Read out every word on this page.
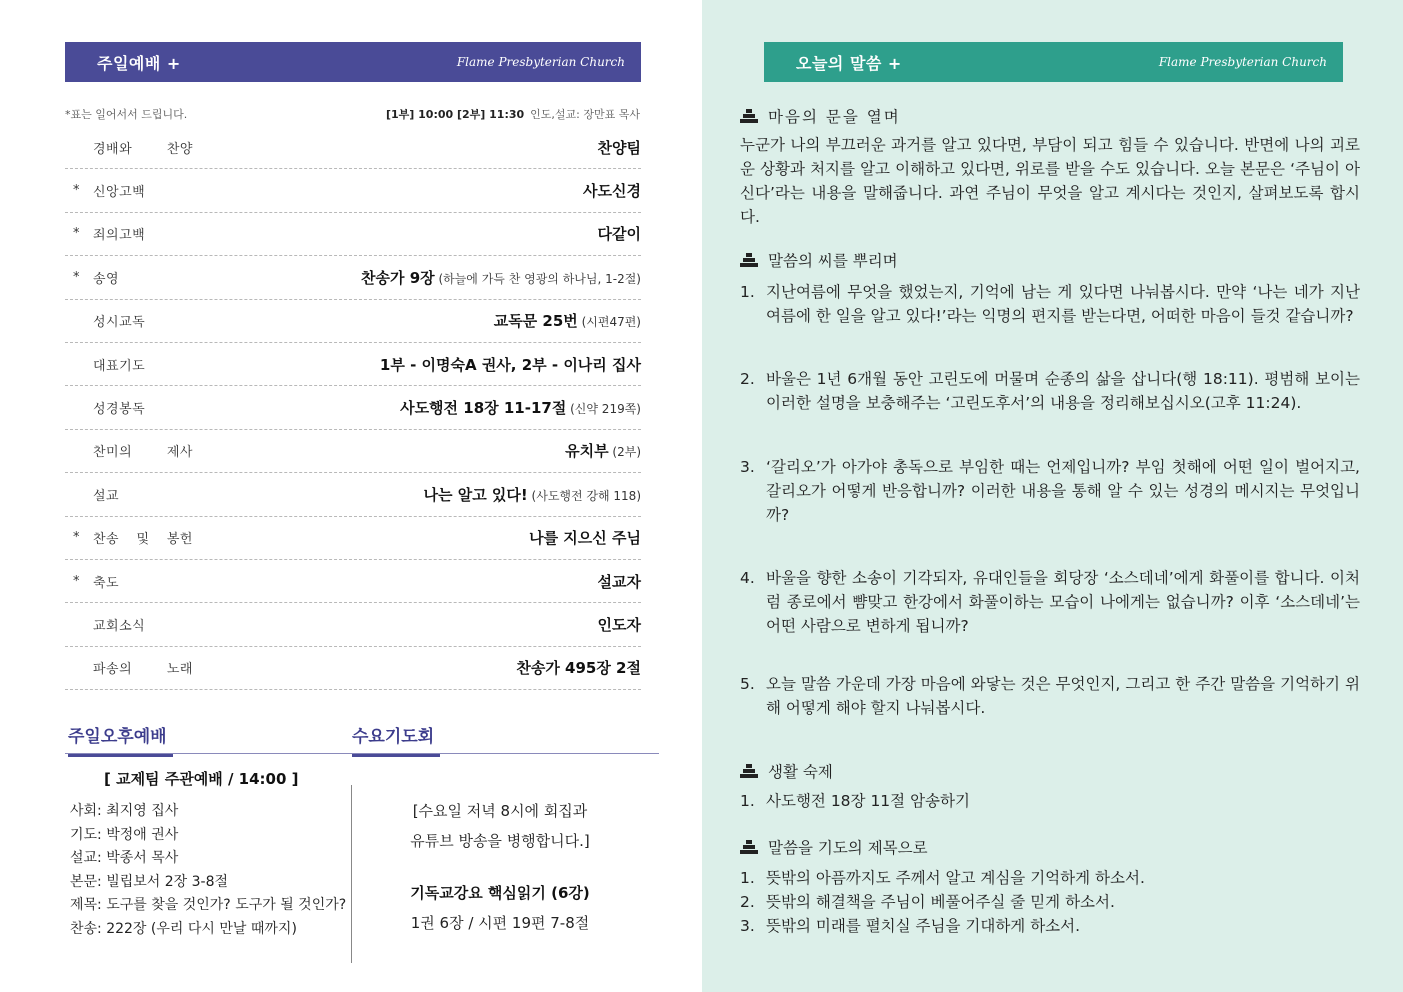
주일예배 +	Flame Presbyterian Church
*표는 일어서서 드립니다.	[1부] 10:00 [2부] 11:30 인도,설교: 장만표 목사
경배와 찬양	찬양팀
* 신앙고백	사도신경
* 죄의고백	다같이
* 송영	찬송가 9장 (하늘에 가득 찬 영광의 하나님, 1-2절)
성시교독	교독문 25번 (시편47편)
대표기도	1부 - 이명숙A 권사, 2부 - 이나리 집사
성경봉독	사도행전 18장 11-17절 (신약 219쪽)
찬미의 제사	유치부 (2부)
설교	나는 알고 있다! (사도행전 강해 118)
* 찬송 및 봉헌	나를 지으신 주님
* 축도	설교자
교회소식	인도자
파송의 노래	찬송가 495장 2절
주일오후예배	수요기도회
[ 교제팀 주관예배 / 14:00 ]
사회: 최지영 집사
기도: 박정애 권사
설교: 박종서 목사
본문: 빌립보서 2장 3-8절
제목: 도구를 찾을 것인가? 도구가 될 것인가?
찬송: 222장 (우리 다시 만날 때까지)
[수요일 저녁 8시에 회집과
유튜브 방송을 병행합니다.]
기독교강요 핵심읽기 (6강)
1권 6장 / 시편 19편 7-8절
오늘의 말씀 +	Flame Presbyterian Church
마음의 문을 열며
누군가 나의 부끄러운 과거를 알고 있다면, 부담이 되고 힘들 수 있습니다. 반면에 나의 괴로운 상황과 처지를 알고 이해하고 있다면, 위로를 받을 수도 있습니다. 오늘 본문은 ‘주님이 아신다’라는 내용을 말해줍니다. 과연 주님이 무엇을 알고 계시다는 것인지, 살펴보도록 합시다.
말씀의 씨를 뿌리며
1. 지난여름에 무엇을 했었는지, 기억에 남는 게 있다면 나눠봅시다. 만약 ‘나는 네가 지난 여름에 한 일을 알고 있다!’라는 익명의 편지를 받는다면, 어떠한 마음이 들것 같습니까?
2. 바울은 1년 6개월 동안 고린도에 머물며 순종의 삶을 삽니다(행 18:11). 평범해 보이는 이러한 설명을 보충해주는 ‘고린도후서’의 내용을 정리해보십시오(고후 11:24).
3. ‘갈리오’가 아가야 총독으로 부임한 때는 언제입니까? 부임 첫해에 어떤 일이 벌어지고, 갈리오가 어떻게 반응합니까? 이러한 내용을 통해 알 수 있는 성경의 메시지는 무엇입니까?
4. 바울을 향한 소송이 기각되자, 유대인들을 회당장 ‘소스데네’에게 화풀이를 합니다. 이처럼 종로에서 뺨맞고 한강에서 화풀이하는 모습이 나에게는 없습니까? 이후 ‘소스데네’는 어떤 사람으로 변하게 됩니까?
5. 오늘 말씀 가운데 가장 마음에 와닿는 것은 무엇인지, 그리고 한 주간 말씀을 기억하기 위해 어떻게 해야 할지 나눠봅시다.
생활 숙제
1. 사도행전 18장 11절 암송하기
말씀을 기도의 제목으로
1. 뜻밖의 아픔까지도 주께서 알고 계심을 기억하게 하소서.
2. 뜻밖의 해결책을 주님이 베풀어주실 줄 믿게 하소서.
3. 뜻밖의 미래를 펼치실 주님을 기대하게 하소서.
